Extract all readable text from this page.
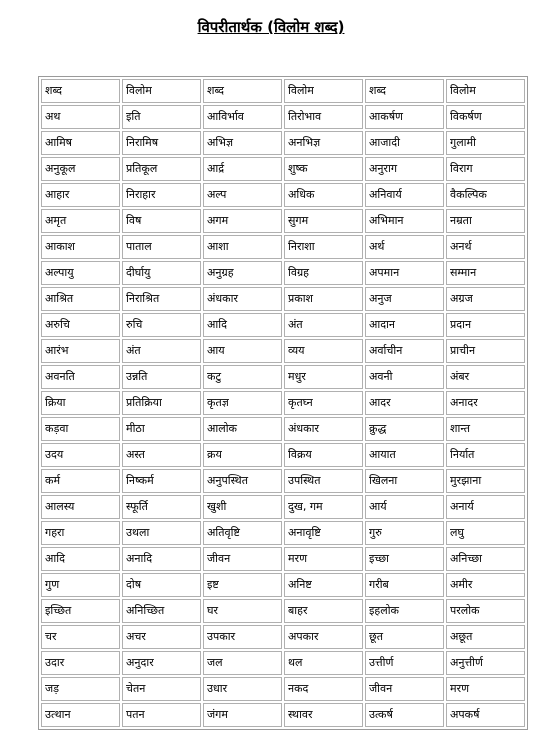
विपरीतार्थक (विलोम शब्द)
शब्द	विलोम	शब्द	विलोम	शब्द	विलोम
अथ	इति	आविर्भाव	तिरोभाव	आकर्षण	विकर्षण
आमिष	निरामिष	अभिज्ञ	अनभिज्ञ	आजादी	गुलामी
अनुकूल	प्रतिकूल	आर्द्र	शुष्क	अनुराग	विराग
आहार	निराहार	अल्प	अधिक	अनिवार्य	वैकल्पिक
अमृत	विष	अगम	सुगम	अभिमान	नम्रता
आकाश	पाताल	आशा	निराशा	अर्थ	अनर्थ
अल्पायु	दीर्घायु	अनुग्रह	विग्रह	अपमान	सम्मान
आश्रित	निराश्रित	अंधकार	प्रकाश	अनुज	अग्रज
अरुचि	रुचि	आदि	अंत	आदान	प्रदान
आरंभ	अंत	आय	व्यय	अर्वाचीन	प्राचीन
अवनति	उन्नति	कटु	मधुर	अवनी	अंबर
क्रिया	प्रतिक्रिया	कृतज्ञ	कृतघ्न	आदर	अनादर
कड़वा	मीठा	आलोक	अंधकार	क्रुद्ध	शान्त
उदय	अस्त	क्रय	विक्रय	आयात	निर्यात
कर्म	निष्कर्म	अनुपस्थित	उपस्थित	खिलना	मुरझाना
आलस्य	स्फूर्ति	खुशी	दुख, गम	आर्य	अनार्य
गहरा	उथला	अतिवृष्टि	अनावृष्टि	गुरु	लघु
आदि	अनादि	जीवन	मरण	इच्छा	अनिच्छा
गुण	दोष	इष्ट	अनिष्ट	गरीब	अमीर
इच्छित	अनिच्छित	घर	बाहर	इहलोक	परलोक
चर	अचर	उपकार	अपकार	छूत	अछूत
उदार	अनुदार	जल	थल	उत्तीर्ण	अनुत्तीर्ण
जड़	चेतन	उधार	नकद	जीवन	मरण
उत्थान	पतन	जंगम	स्थावर	उत्कर्ष	अपकर्ष
